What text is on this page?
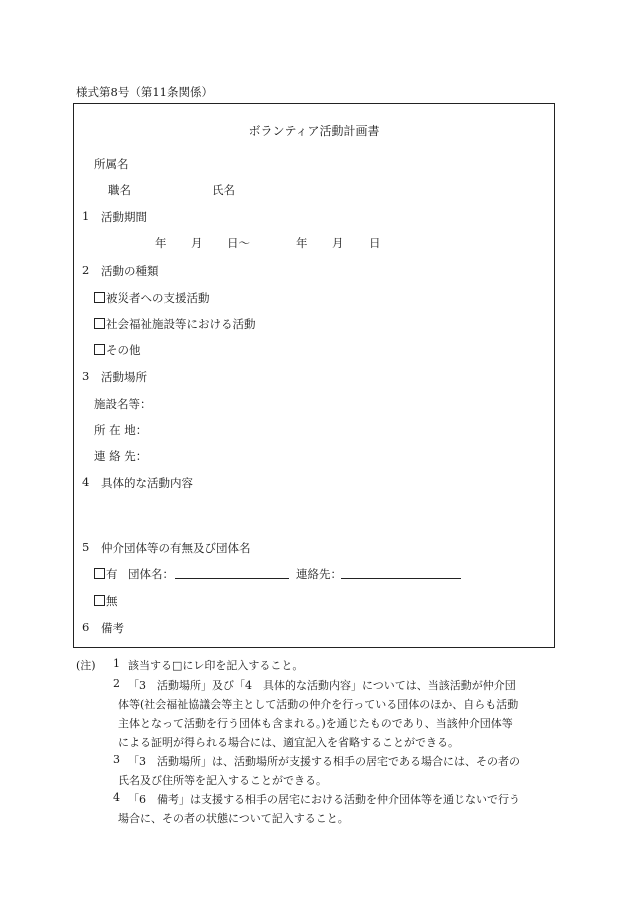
様式第8号（第11条関係）
ボランティア活動計画書
所属名
職名	氏名
1 活動期間
年 月 日～	年 月 日
2 活動の種類
被災者への支援活動
社会福祉施設等における活動
その他
3 活動場所
施設名等：
所 在 地：
連 絡 先：
4 具体的な活動内容
5 仲介団体等の有無及び団体名
有 団体名：	連絡先：
無
6 備考
(注) 1 該当する□にレ印を記入すること。
2 「3　活動場所」及び「4　具体的な活動内容」については、当該活動が仲介団
体等(社会福祉協議会等主として活動の仲介を行っている団体のほか、自らも活動
主体となって活動を行う団体も含まれる。)を通じたものであり、当該仲介団体等
による証明が得られる場合には、適宜記入を省略することができる。
3 「3　活動場所」は、活動場所が支援する相手の居宅である場合には、その者の
氏名及び住所等を記入することができる。
4 「6　備考」は支援する相手の居宅における活動を仲介団体等を通じないで行う
場合に、その者の状態について記入すること。
